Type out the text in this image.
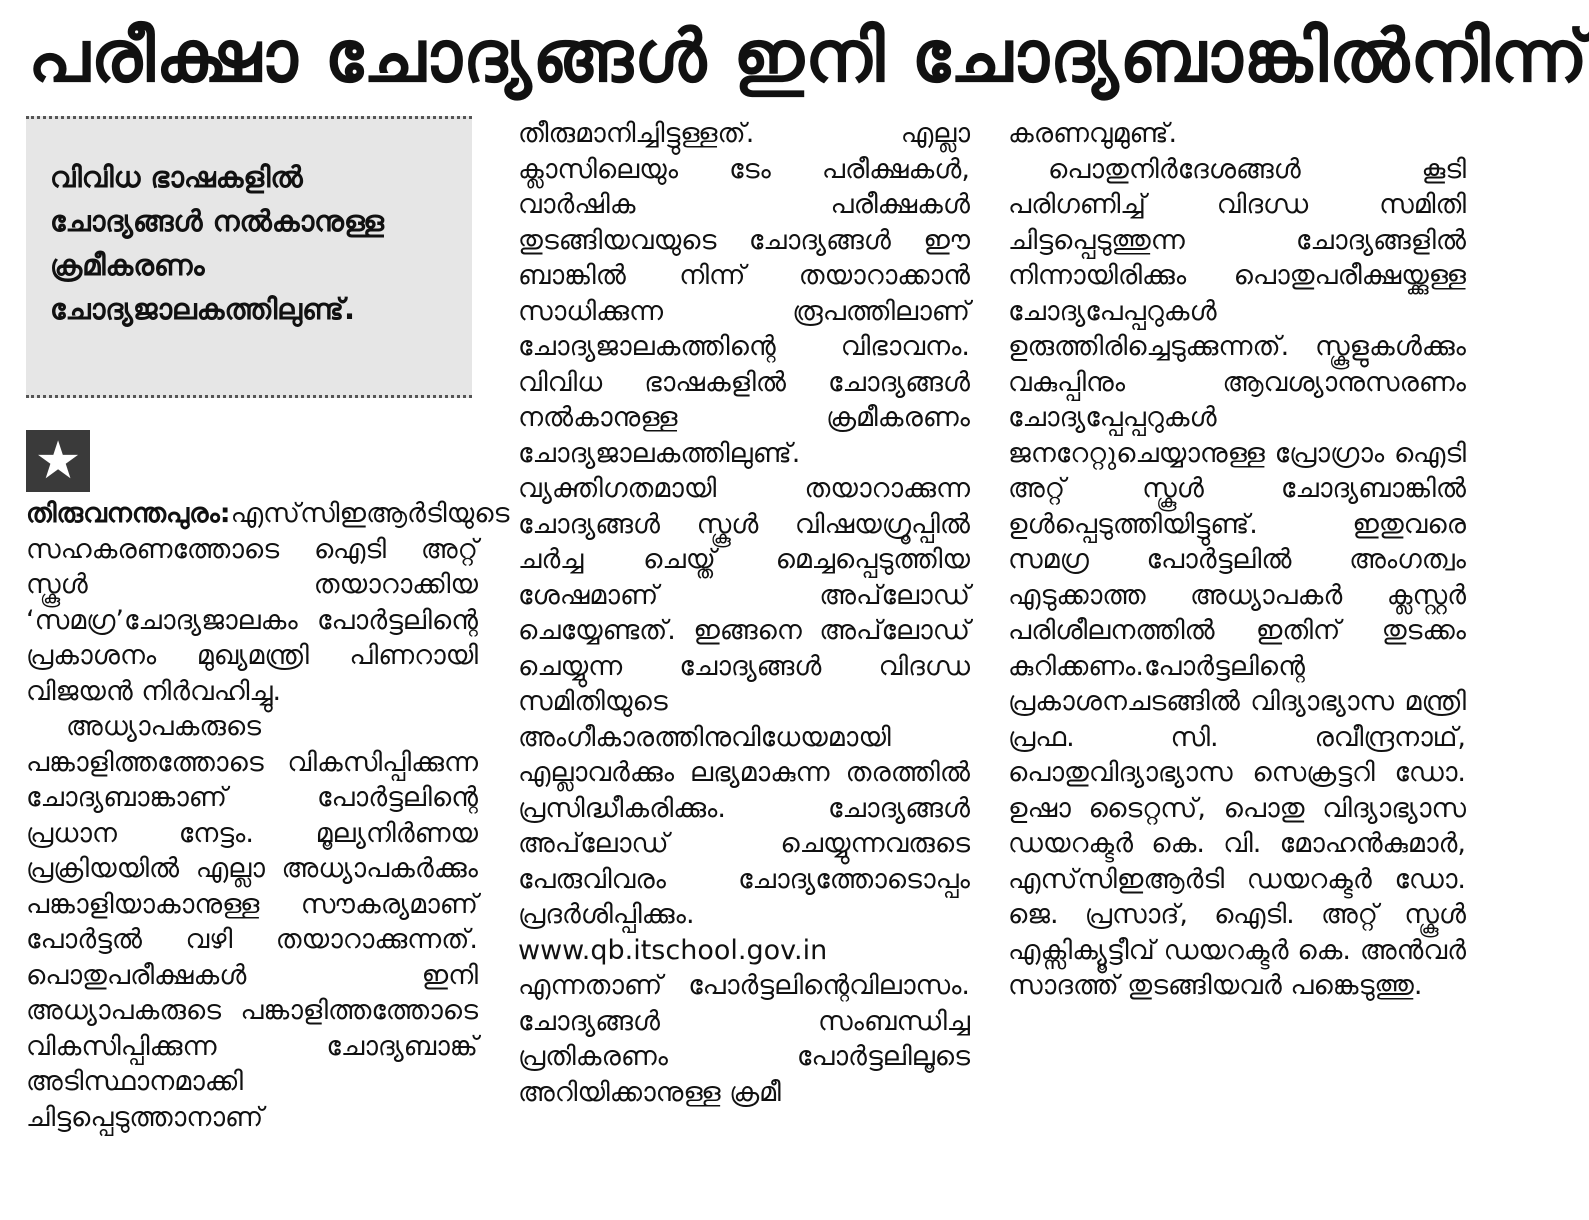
പരീക്ഷാ ചോദ്യങ്ങൾ ഇനി ചോദ്യബാങ്കിൽനിന്ന്
വിവിധ ഭാഷകളിൽ ചോദ്യങ്ങൾ നൽകാനുള്ള ക്രമീകരണം ചോദ്യജാലകത്തിലുണ്ട്.

★
തിരുവനന്തപുരം:എസ്‌സിഇആർടിയുടെ സഹകരണത്തോടെ ഐടി അറ്റ് സ്കൂൾ തയാറാക്കിയ ‘സമഗ്ര’ചോദ്യജാലകം പോർട്ടലിന്റെ പ്രകാശനം മുഖ്യമന്ത്രി പിണറായി വിജയൻ നിർവഹിച്ചു.

അധ്യാപകരുടെ പങ്കാളിത്തത്തോടെ വികസിപ്പിക്കുന്ന ചോദ്യബാങ്കാണ് പോർട്ടലിന്റെ പ്രധാന നേട്ടം. മൂല്യനിർണയ പ്രക്രിയയിൽ എല്ലാ അധ്യാപകർക്കും പങ്കാളിയാകാനുള്ള സൗകര്യമാണ് പോർട്ടൽ വഴി തയാറാക്കുന്നത്. പൊതുപരീക്ഷകൾ ഇനി അധ്യാപകരുടെ പങ്കാളിത്തത്തോടെ വികസിപ്പിക്കുന്ന ചോദ്യബാങ്ക് അടിസ്ഥാനമാക്കി ചിട്ടപ്പെടുത്താനാണ്

തീരുമാനിച്ചിട്ടുള്ളത്. എല്ലാ ക്ലാസിലെയും ടേം പരീക്ഷകൾ, വാർഷിക പരീക്ഷകൾ തുടങ്ങിയവയുടെ ചോദ്യങ്ങൾ ഈ ബാങ്കിൽ നിന്ന് തയാറാക്കാൻ സാധിക്കുന്ന രൂപത്തിലാണ് ചോദ്യജാലകത്തിന്റെ വിഭാവനം. വിവിധ ഭാഷകളിൽ ചോദ്യങ്ങൾ നൽകാനുള്ള ക്രമീകരണം ചോദ്യജാലകത്തിലുണ്ട്. വ്യക്തിഗതമായി തയാറാക്കുന്ന ചോദ്യങ്ങൾ സ്കൂൾ വിഷയഗ്രൂപ്പിൽ ചർച്ച ചെയ്ത് മെച്ചപ്പെടുത്തിയ ശേഷമാണ് അപ്‌ലോഡ് ചെയ്യേണ്ടത്. ഇങ്ങനെ അപ്‌ലോഡ് ചെയ്യുന്ന ചോദ്യങ്ങൾ വിദഗ്ധ സമിതിയുടെ അംഗീകാരത്തിനുവിധേയമായി എല്ലാവർക്കും ലഭ്യമാകുന്ന തരത്തിൽ പ്രസിദ്ധീകരിക്കും. ചോദ്യങ്ങൾ അപ്‌ലോഡ് ചെയ്യുന്നവരുടെ പേരുവിവരം ചോദ്യത്തോടൊപ്പം പ്രദർശിപ്പിക്കും. www.qb.itschool.gov.in എന്നതാണ് പോർട്ടലിന്റെവിലാസം. ചോദ്യങ്ങൾ സംബന്ധിച്ച പ്രതികരണം പോർട്ടലിലൂടെ അറിയിക്കാനുള്ള ക്രമീ

കരണവുമുണ്ട്.

പൊതുനിർദേശങ്ങൾ കൂടി പരിഗണിച്ച് വിദഗ്ധ സമിതി ചിട്ടപ്പെടുത്തുന്ന ചോദ്യങ്ങളിൽ നിന്നായിരിക്കും പൊതുപരീക്ഷയ്ക്കുള്ള ചോദ്യപേപ്പറുകൾ ഉരുത്തിരിച്ചെടുക്കുന്നത്. സ്കൂളുകൾക്കും വകുപ്പിനും ആവശ്യാനുസരണം ചോദ്യപ്പേപ്പറുകൾ ജനറേറ്റുചെയ്യാനുള്ള പ്രോഗ്രാം ഐടി അറ്റ് സ്കൂൾ ചോദ്യബാങ്കിൽ ഉൾപ്പെടുത്തിയിട്ടുണ്ട്. ഇതുവരെ സമഗ്ര പോർട്ടലിൽ അംഗത്വം എടുക്കാത്ത അധ്യാപകർ ക്ലസ്റ്റർ പരിശീലനത്തിൽ ഇതിന് തുടക്കം കുറിക്കണം.പോർട്ടലിന്റെ പ്രകാശനചടങ്ങിൽ വിദ്യാഭ്യാസ മന്ത്രി പ്രഫ. സി. രവീന്ദ്രനാഥ്, പൊതുവിദ്യാഭ്യാസ സെക്രട്ടറി ഡോ. ഉഷാ ടൈറ്റസ്, പൊതു വിദ്യാഭ്യാസ ഡയറക്ടർ കെ. വി. മോഹൻകുമാർ, എസ്‌സിഇആർടി ഡയറക്ടർ ഡോ. ജെ. പ്രസാദ്, ഐടി. അറ്റ് സ്കൂൾ എക്സിക്യൂട്ടീവ് ഡയറക്ടർ കെ. അൻവർ സാദത്ത് തുടങ്ങിയവർ പങ്കെടുത്തു.
